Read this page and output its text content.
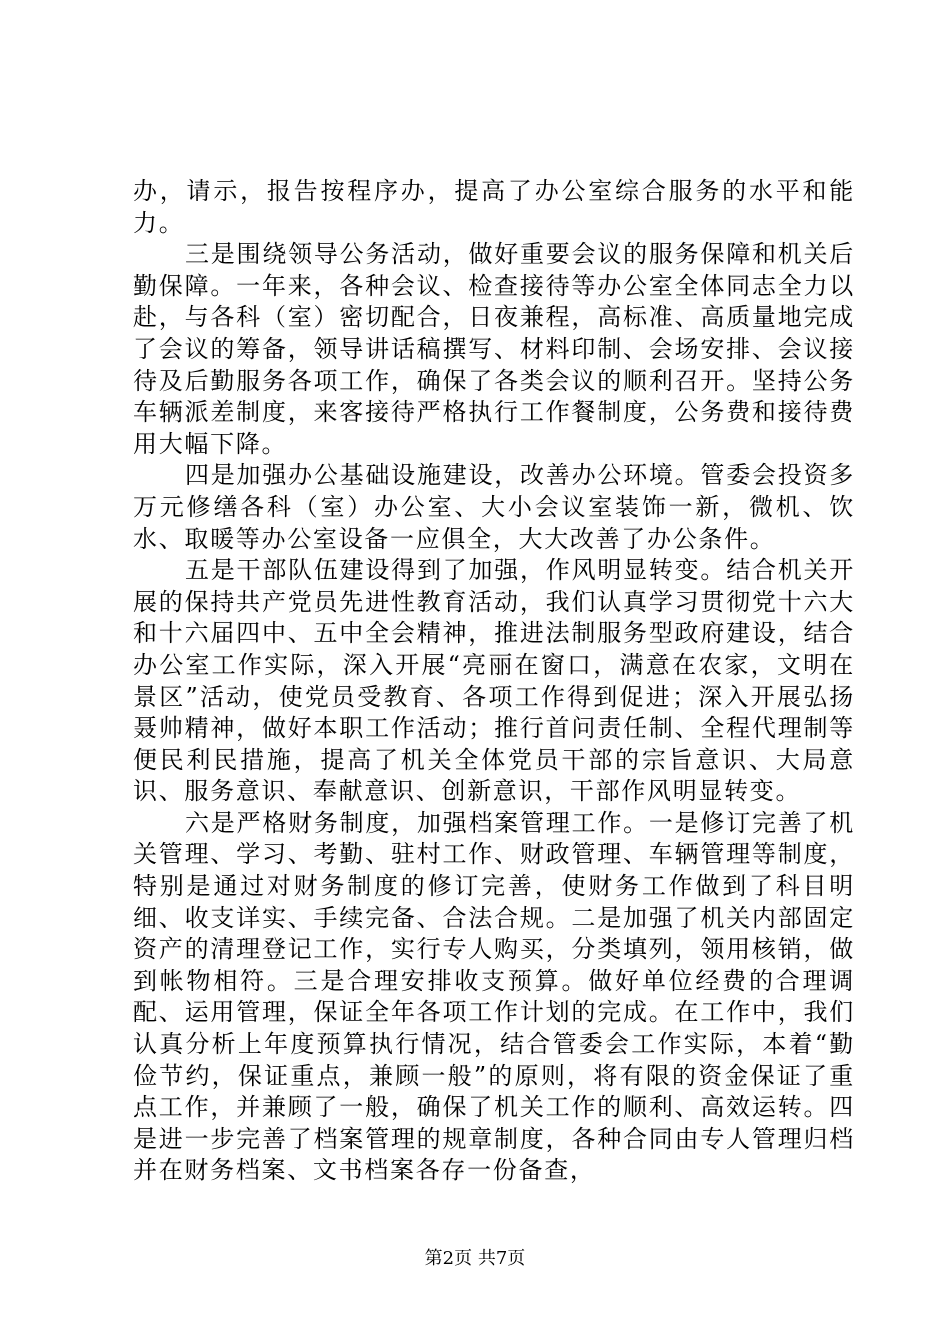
办，请示，报告按程序办，提高了办公室综合服务的水平和能力。

三是围绕领导公务活动，做好重要会议的服务保障和机关后勤保障。一年来，各种会议、检查接待等办公室全体同志全力以赴，与各科（室）密切配合，日夜兼程，高标准、高质量地完成了会议的筹备，领导讲话稿撰写、材料印制、会场安排、会议接待及后勤服务各项工作，确保了各类会议的顺利召开。坚持公务车辆派差制度，来客接待严格执行工作餐制度，公务费和接待费用大幅下降。

四是加强办公基础设施建设，改善办公环境。管委会投资多万元修缮各科（室）办公室、大小会议室装饰一新，微机、饮水、取暖等办公室设备一应俱全，大大改善了办公条件。

五是干部队伍建设得到了加强，作风明显转变。结合机关开展的保持共产党员先进性教育活动，我们认真学习贯彻党十六大和十六届四中、五中全会精神，推进法制服务型政府建设，结合办公室工作实际，深入开展“亮丽在窗口，满意在农家，文明在景区”活动，使党员受教育、各项工作得到促进；深入开展弘扬聂帅精神，做好本职工作活动；推行首问责任制、全程代理制等便民利民措施，提高了机关全体党员干部的宗旨意识、大局意识、服务意识、奉献意识、创新意识，干部作风明显转变。

六是严格财务制度，加强档案管理工作。一是修订完善了机关管理、学习、考勤、驻村工作、财政管理、车辆管理等制度，特别是通过对财务制度的修订完善，使财务工作做到了科目明细、收支详实、手续完备、合法合规。二是加强了机关内部固定资产的清理登记工作，实行专人购买，分类填列，领用核销，做到帐物相符。三是合理安排收支预算。做好单位经费的合理调配、运用管理，保证全年各项工作计划的完成。在工作中，我们认真分析上年度预算执行情况，结合管委会工作实际，本着“勤俭节约，保证重点，兼顾一般”的原则，将有限的资金保证了重点工作，并兼顾了一般，确保了机关工作的顺利、高效运转。四是进一步完善了档案管理的规章制度，各种合同由专人管理归档并在财务档案、文书档案各存一份备查，

第2页 共7页
